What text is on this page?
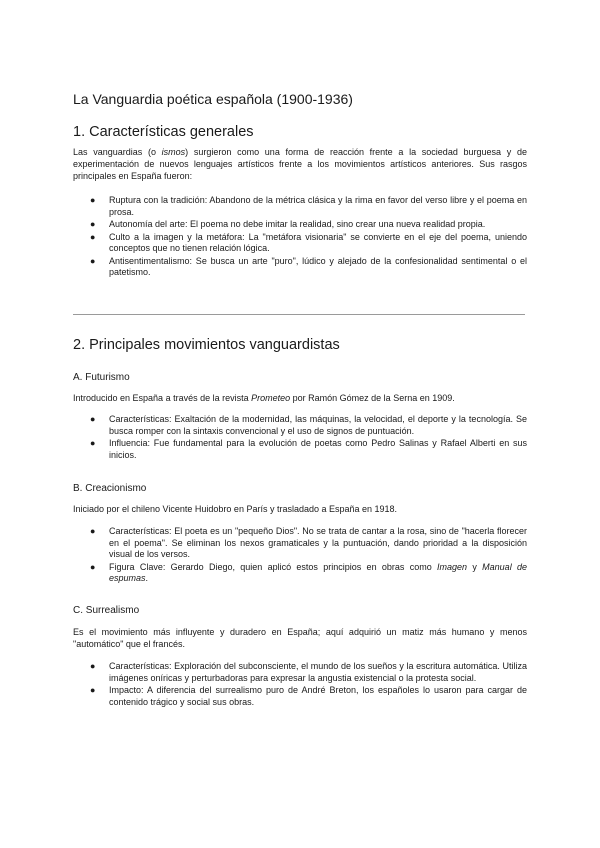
La Vanguardia poética española (1900-1936)
1. Características generales

Las vanguardias (o ismos) surgieron como una forma de reacción frente a la sociedad burguesa y de experimentación de nuevos lenguajes artísticos frente a los movimientos artísticos anteriores. Sus rasgos principales en España fueron:

● Ruptura con la tradición: Abandono de la métrica clásica y la rima en favor del verso libre y el poema en prosa.
● Autonomía del arte: El poema no debe imitar la realidad, sino crear una nueva realidad propia.
● Culto a la imagen y la metáfora: La "metáfora visionaria" se convierte en el eje del poema, uniendo conceptos que no tienen relación lógica.
● Antisentimentalismo: Se busca un arte "puro", lúdico y alejado de la confesionalidad sentimental o el patetismo.
2. Principales movimientos vanguardistas
A. Futurismo

Introducido en España a través de la revista Prometeo por Ramón Gómez de la Serna en 1909.

● Características: Exaltación de la modernidad, las máquinas, la velocidad, el deporte y la tecnología. Se busca romper con la sintaxis convencional y el uso de signos de puntuación.
● Influencia: Fue fundamental para la evolución de poetas como Pedro Salinas y Rafael Alberti en sus inicios.
B. Creacionismo

Iniciado por el chileno Vicente Huidobro en París y trasladado a España en 1918.

● Características: El poeta es un "pequeño Dios". No se trata de cantar a la rosa, sino de "hacerla florecer en el poema". Se eliminan los nexos gramaticales y la puntuación, dando prioridad a la disposición visual de los versos.
● Figura Clave: Gerardo Diego, quien aplicó estos principios en obras como Imagen y Manual de espumas.
C. Surrealismo

Es el movimiento más influyente y duradero en España; aquí adquirió un matiz más humano y menos "automático" que el francés.

● Características: Exploración del subconsciente, el mundo de los sueños y la escritura automática. Utiliza imágenes oníricas y perturbadoras para expresar la angustia existencial o la protesta social.
● Impacto: A diferencia del surrealismo puro de André Breton, los españoles lo usaron para cargar de contenido trágico y social sus obras.
